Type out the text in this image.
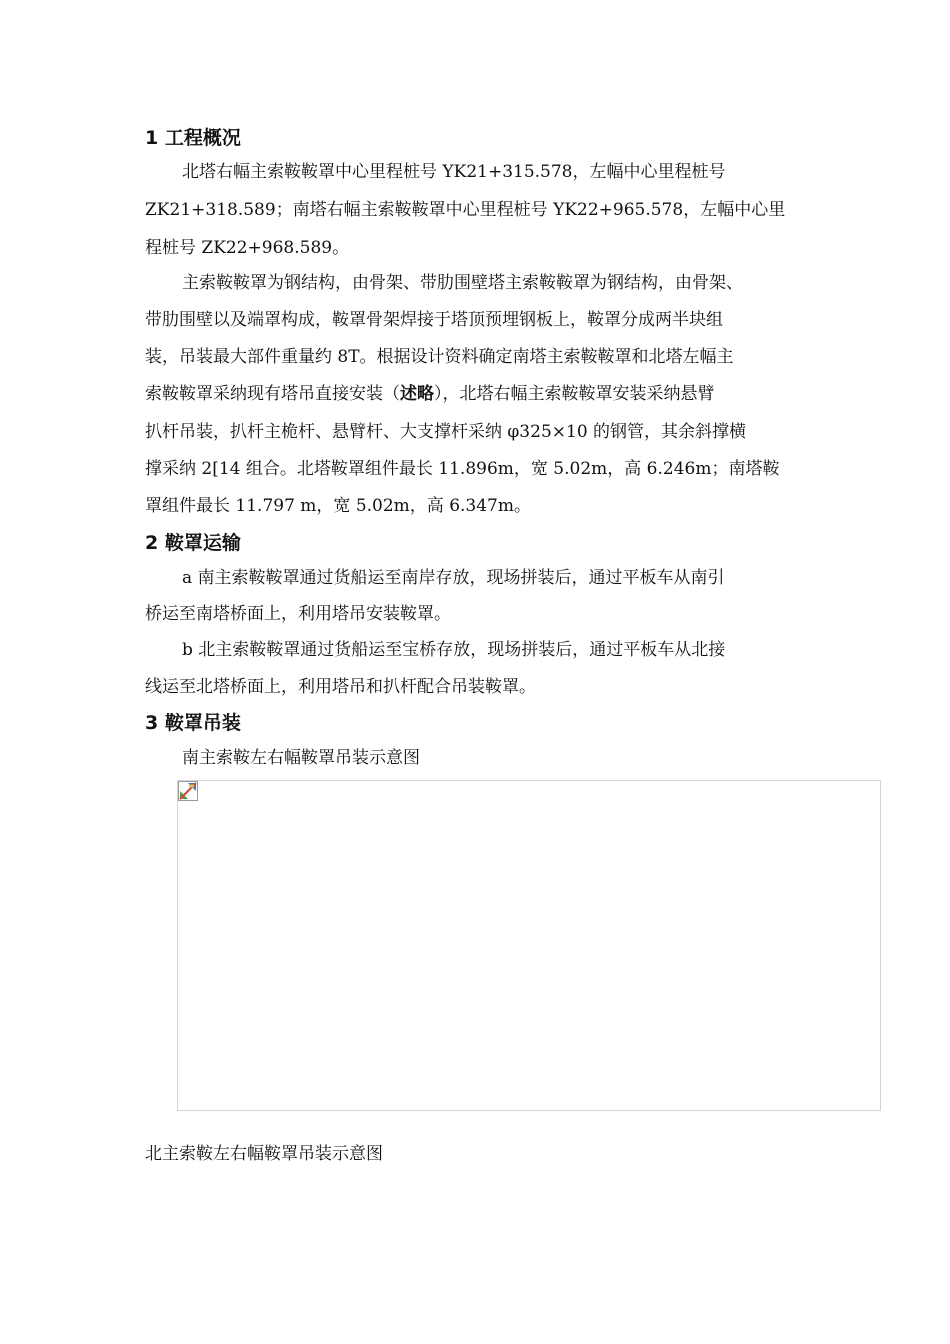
1 工程概况
北塔右幅主索鞍鞍罩中心里程桩号 YK21+315.578，左幅中心里程桩号
ZK21+318.589；南塔右幅主索鞍鞍罩中心里程桩号 YK22+965.578，左幅中心里
程桩号 ZK22+968.589。
主索鞍鞍罩为钢结构，由骨架、带肋围壁塔主索鞍鞍罩为钢结构，由骨架、
带肋围壁以及端罩构成，鞍罩骨架焊接于塔顶预埋钢板上，鞍罩分成两半块组
装，吊装最大部件重量约 8T。根据设计资料确定南塔主索鞍鞍罩和北塔左幅主
索鞍鞍罩采纳现有塔吊直接安装（述略），北塔右幅主索鞍鞍罩安装采纳悬臂
扒杆吊装，扒杆主桅杆、悬臂杆、大支撑杆采纳 φ325×10 的钢管，其余斜撑横
撑采纳 2[14 组合。北塔鞍罩组件最长 11.896m，宽 5.02m，高 6.246m；南塔鞍
罩组件最长 11.797 m，宽 5.02m，高 6.347m。
2 鞍罩运输
a 南主索鞍鞍罩通过货船运至南岸存放，现场拼装后，通过平板车从南引
桥运至南塔桥面上，利用塔吊安装鞍罩。
b 北主索鞍鞍罩通过货船运至宝桥存放，现场拼装后，通过平板车从北接
线运至北塔桥面上，利用塔吊和扒杆配合吊装鞍罩。
3 鞍罩吊装
南主索鞍左右幅鞍罩吊装示意图
北主索鞍左右幅鞍罩吊装示意图
